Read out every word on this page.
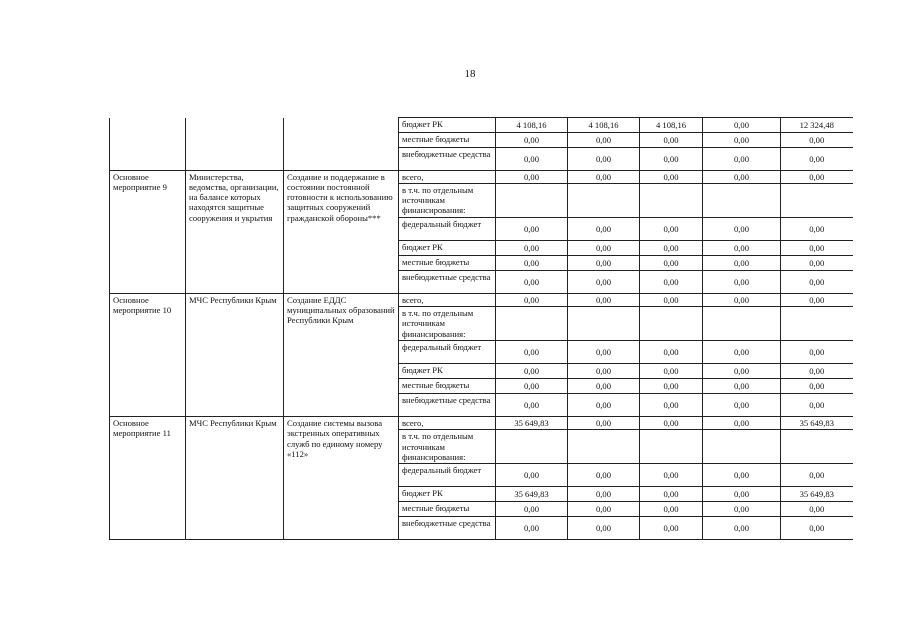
18
			бюджет РК	4 108,16	4 108,16	4 108,16	0,00	12 324,48
			местные бюджеты	0,00	0,00	0,00	0,00	0,00
			внебюджетные средства	0,00	0,00	0,00	0,00	0,00
Основное мероприятие 9	Министерства, ведомства, организации, на балансе которых находятся защитные сооружения и укрытия	Создание и поддержание в состоянии постоянной готовности к использованию защитных сооружений гражданской обороны***	всего,	0,00	0,00	0,00	0,00	0,00
			в т.ч. по отдельным источникам финансирования:					
			федеральный бюджет	0,00	0,00	0,00	0,00	0,00
			бюджет РК	0,00	0,00	0,00	0,00	0,00
			местные бюджеты	0,00	0,00	0,00	0,00	0,00
			внебюджетные средства	0,00	0,00	0,00	0,00	0,00
Основное мероприятие 10	МЧС Республики Крым	Создание ЕДДС муниципальных образований Республики Крым	всего,	0,00	0,00	0,00	0,00	0,00
			в т.ч. по отдельным источникам финансирования:					
			федеральный бюджет	0,00	0,00	0,00	0,00	0,00
			бюджет РК	0,00	0,00	0,00	0,00	0,00
			местные бюджеты	0,00	0,00	0,00	0,00	0,00
			внебюджетные средства	0,00	0,00	0,00	0,00	0,00
Основное мероприятие 11	МЧС Республики Крым	Создание системы вызова экстренных оперативных служб по единому номеру «112»	всего,	35 649,83	0,00	0,00	0,00	35 649,83
			в т.ч. по отдельным источникам финансирования:					
			федеральный бюджет	0,00	0,00	0,00	0,00	0,00
			бюджет РК	35 649,83	0,00	0,00	0,00	35 649,83
			местные бюджеты	0,00	0,00	0,00	0,00	0,00
			внебюджетные средства	0,00	0,00	0,00	0,00	0,00
